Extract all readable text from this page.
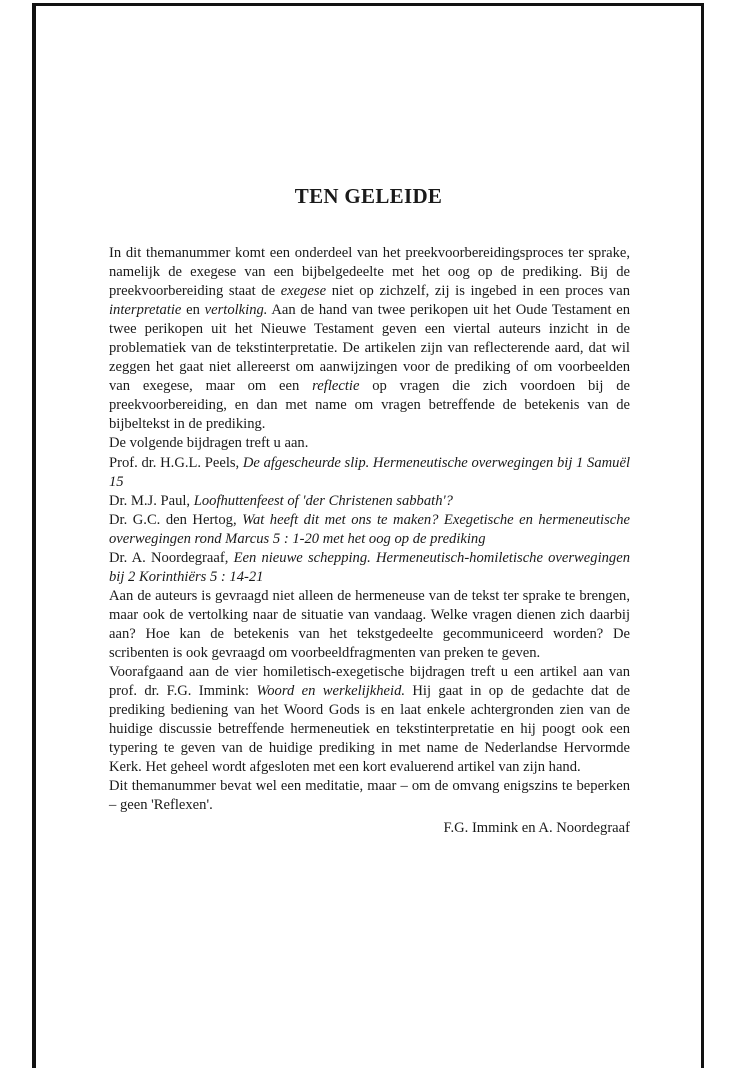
TEN GELEIDE

In dit themanummer komt een onderdeel van het preekvoorbereidingsproces ter sprake, namelijk de exegese van een bijbelgedeelte met het oog op de prediking. Bij de preekvoorbereiding staat de exegese niet op zichzelf, zij is ingebed in een proces van interpretatie en vertolking. Aan de hand van twee perikopen uit het Oude Testament en twee perikopen uit het Nieuwe Testament geven een viertal auteurs inzicht in de problematiek van de tekstinterpretatie. De artikelen zijn van reflecterende aard, dat wil zeggen het gaat niet allereerst om aanwijzingen voor de prediking of om voorbeelden van exegese, maar om een reflectie op vragen die zich voordoen bij de preekvoorbereiding, en dan met name om vragen betreffende de betekenis van de bijbeltekst in de prediking.

De volgende bijdragen treft u aan.

Prof. dr. H.G.L. Peels, De afgescheurde slip. Hermeneutische overwegingen bij 1 Samuël 15

Dr. M.J. Paul, Loofhuttenfeest of 'der Christenen sabbath'?

Dr. G.C. den Hertog, Wat heeft dit met ons te maken? Exegetische en hermeneutische overwegingen rond Marcus 5 : 1-20 met het oog op de prediking

Dr. A. Noordegraaf, Een nieuwe schepping. Hermeneutisch-homiletische overwegingen bij 2 Korinthiërs 5 : 14-21

Aan de auteurs is gevraagd niet alleen de hermeneuse van de tekst ter sprake te brengen, maar ook de vertolking naar de situatie van vandaag. Welke vragen dienen zich daarbij aan? Hoe kan de betekenis van het tekstgedeelte gecommuniceerd worden? De scribenten is ook gevraagd om voorbeeldfragmenten van preken te geven.

Voorafgaand aan de vier homiletisch-exegetische bijdragen treft u een artikel aan van prof. dr. F.G. Immink: Woord en werkelijkheid. Hij gaat in op de gedachte dat de prediking bediening van het Woord Gods is en laat enkele achtergronden zien van de huidige discussie betreffende hermeneutiek en tekstinterpretatie en hij poogt ook een typering te geven van de huidige prediking in met name de Nederlandse Hervormde Kerk. Het geheel wordt afgesloten met een kort evaluerend artikel van zijn hand.

Dit themanummer bevat wel een meditatie, maar – om de omvang enigszins te beperken – geen 'Reflexen'.

F.G. Immink en A. Noordegraaf
